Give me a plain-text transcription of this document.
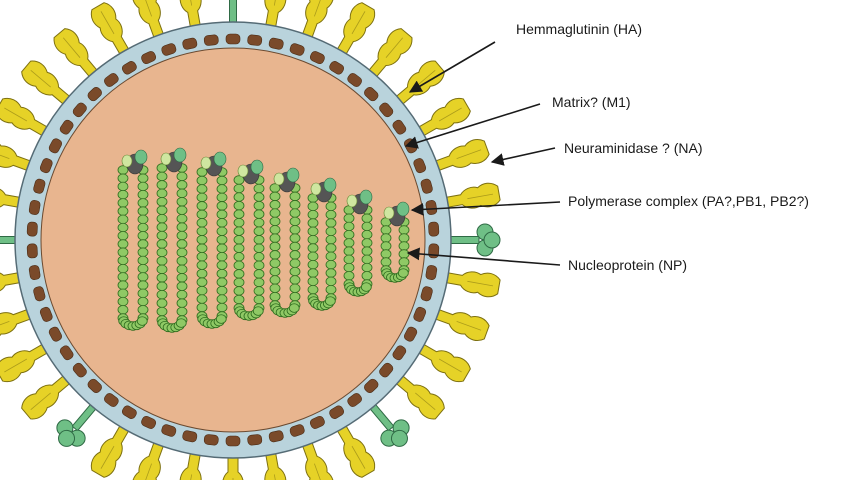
Hemmaglutinin (HA)
Matrix? (M1)
Neuraminidase ? (NA)
Polymerase complex (PA?,PB1, PB2?)
Nucleoprotein (NP)
